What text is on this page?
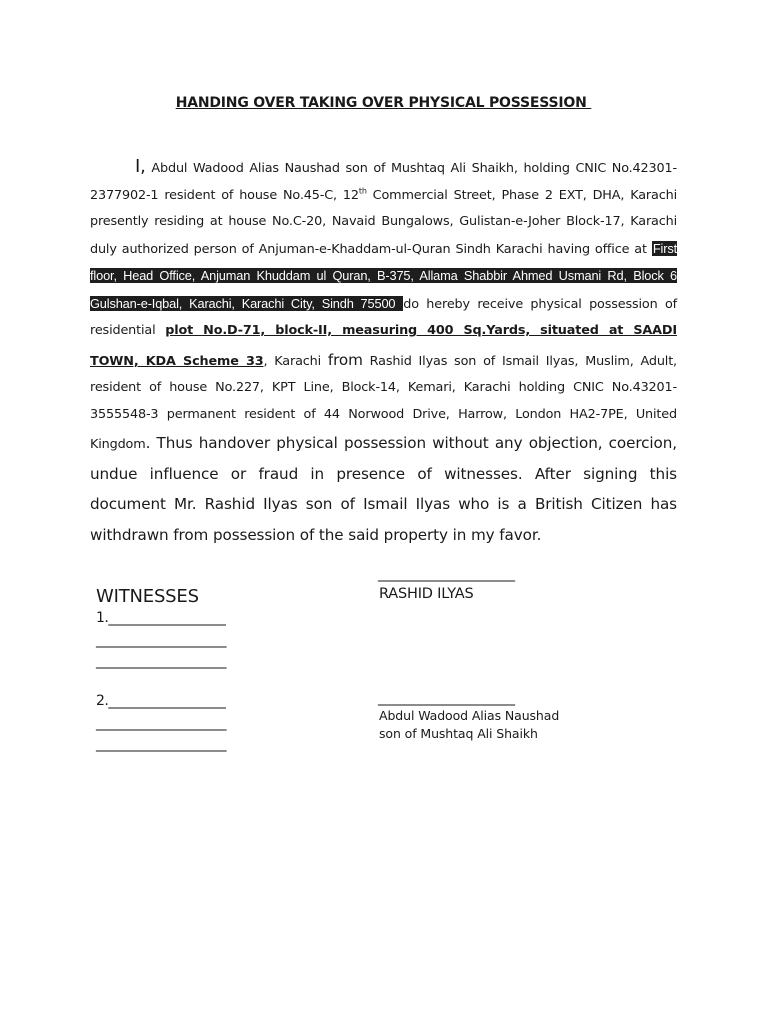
HANDING OVER TAKING OVER PHYSICAL POSSESSION
I, Abdul Wadood Alias Naushad son of Mushtaq Ali Shaikh, holding CNIC No.42301-2377902-1 resident of house No.45-C, 12th Commercial Street, Phase 2 EXT, DHA, Karachi presently residing at house No.C-20, Navaid Bungalows, Gulistan-e-Joher Block-17, Karachi duly authorized person of Anjuman-e-Khaddam-ul-Quran Sindh Karachi having office at First floor, Head Office, Anjuman Khuddam ul Quran, B-375, Allama Shabbir Ahmed Usmani Rd, Block 6 Gulshan-e-Iqbal, Karachi, Karachi City, Sindh 75500 do hereby receive physical possession of residential plot No.D-71, block-II, measuring 400 Sq.Yards, situated at SAADI TOWN, KDA Scheme 33, Karachi from Rashid Ilyas son of Ismail Ilyas, Muslim, Adult, resident of house No.227, KPT Line, Block-14, Kemari, Karachi holding CNIC No.43201-3555548-3 permanent resident of 44 Norwood Drive, Harrow, London HA2-7PE, United Kingdom. Thus handover physical possession without any objection, coercion, undue influence or fraud in presence of witnesses. After signing this document Mr. Rashid Ilyas son of Ismail Ilyas who is a British Citizen has withdrawn from possession of the said property in my favor.
WITNESSES
1.__________________
____________________
____________________
2.__________________
____________________
____________________
_____________________
RASHID ILYAS
_____________________
Abdul Wadood Alias Naushad
son of Mushtaq Ali Shaikh
